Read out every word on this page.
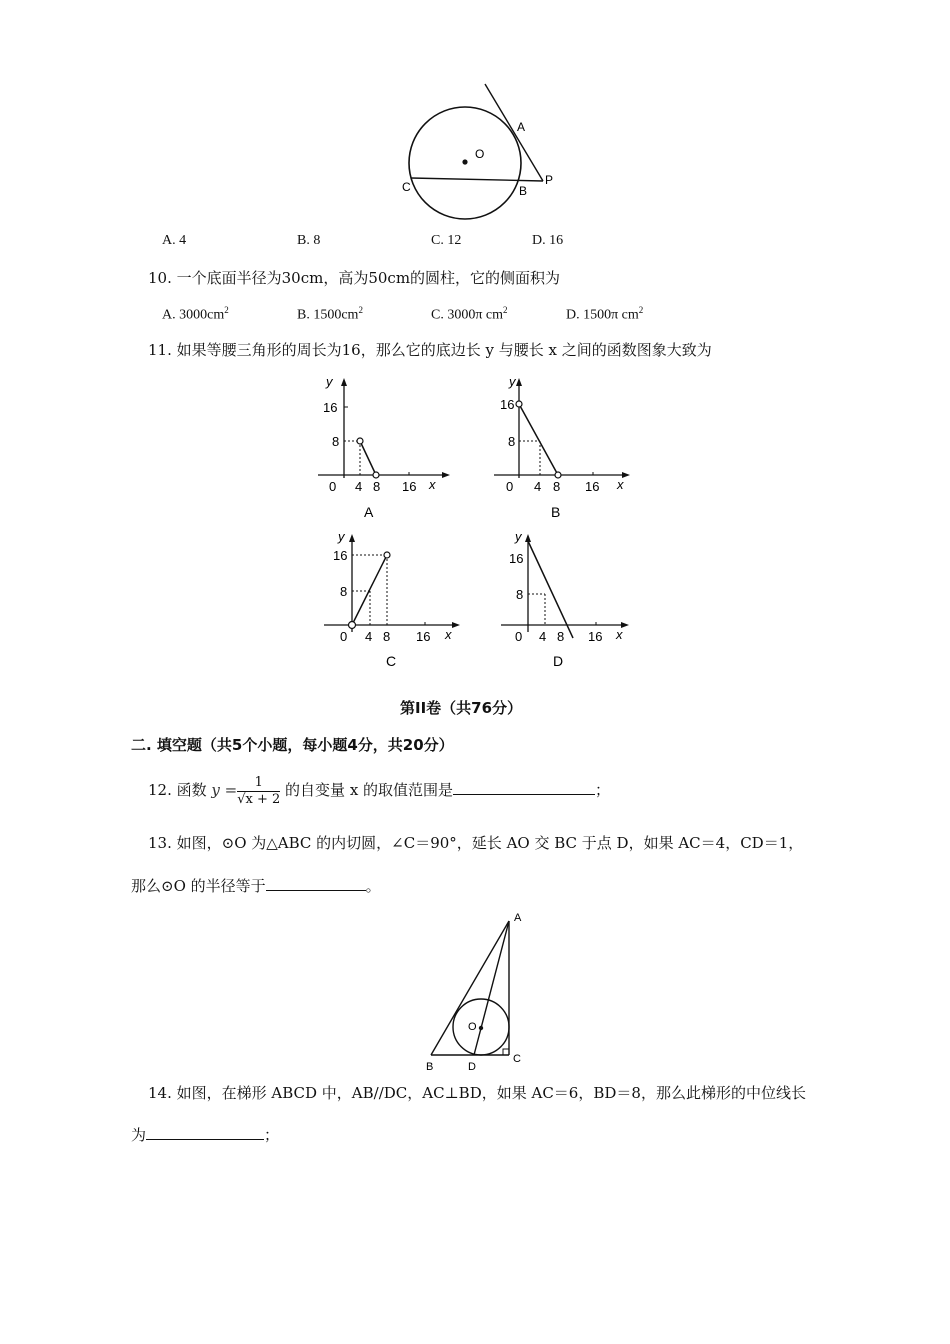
A
O
C	B
P
A. 4	B. 8	C. 12	D. 16
10. 一个底面半径为30cm，高为50cm的圆柱，它的侧面积为
A. $3000cm^2$	B. $1500cm^2$	C. 3000π $cm^2$	D. 1500π $cm^2$
11. 如果等腰三角形的周长为16，那么它的底边长 y 与腰长 x 之间的函数图象大致为
y
16
8
0 4 8 16 x
A
y
16
8
0 4 8 16 x
B
y
16
8
0 4 8 16 x
C
y
16
8
0 4 8 16 x
D
第II卷（共76分）
二. 填空题（共5个小题，每小题4分，共20分）
12. 函数 $y = \frac{1}{√x + 2}$ 的自变量 x 的取值范围是	；
13. 如图，⊙O 为△ABC 的内切圆，∠C＝90°，延长 AO 交 BC 于点 D，如果 AC＝4，CD＝1，
那么⊙O 的半径等于	。
A
O
B	D
C
14. 如图，在梯形 ABCD 中，AB//DC，AC⊥BD，如果 AC＝6，BD＝8，那么此梯形的中位线长
为	；
